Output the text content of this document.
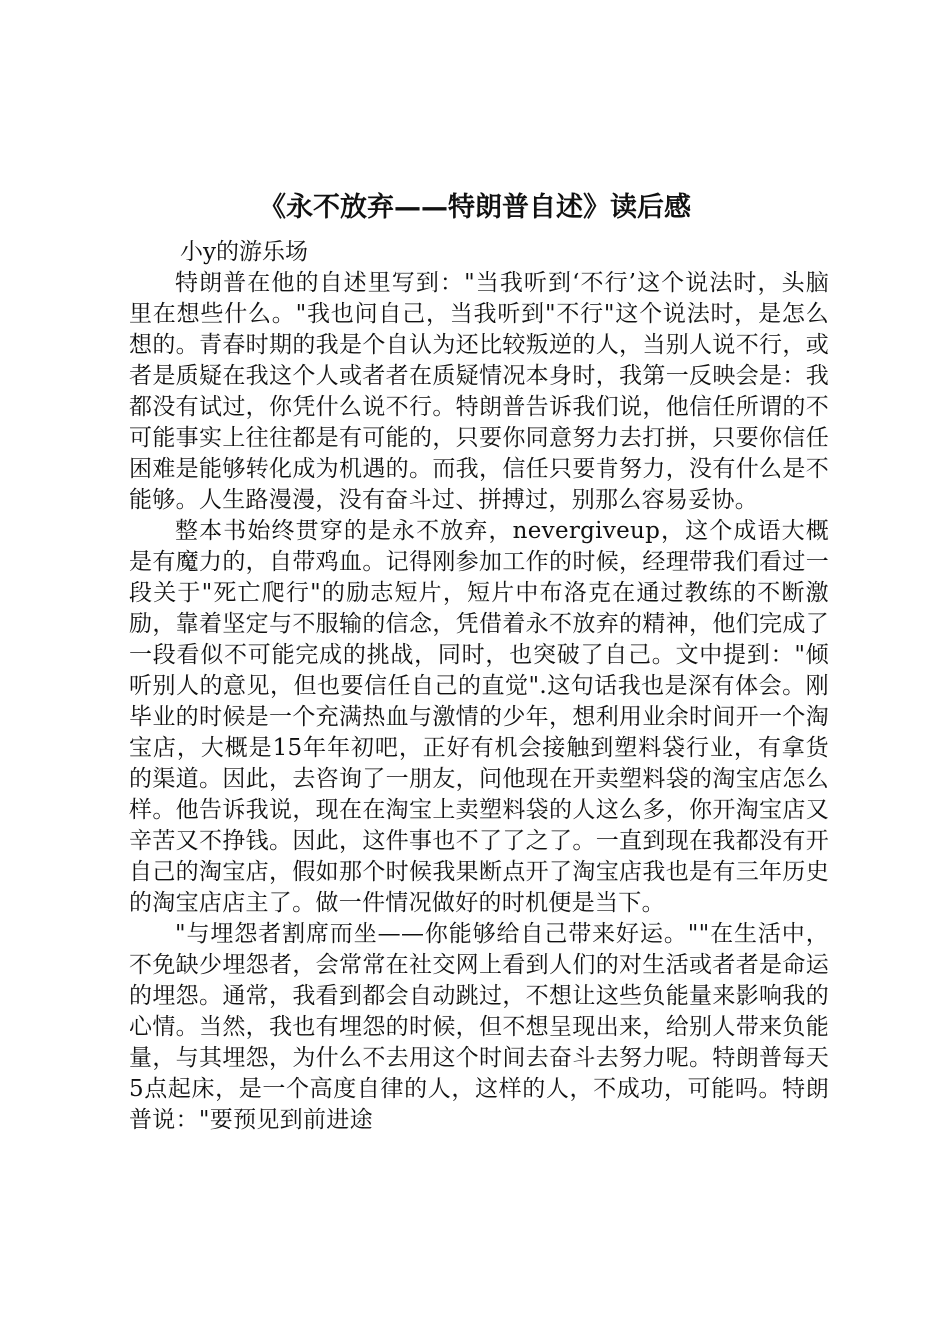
《永不放弃——特朗普自述》读后感

小y的游乐场

特朗普在他的自述里写到："当我听到‘不行’这个说法时，头脑里在想些什么。"我也问自己，当我听到"不行"这个说法时，是怎么想的。青春时期的我是个自认为还比较叛逆的人，当别人说不行，或者是质疑在我这个人或者者在质疑情况本身时，我第一反映会是：我都没有试过，你凭什么说不行。特朗普告诉我们说，他信任所谓的不可能事实上往往都是有可能的，只要你同意努力去打拼，只要你信任困难是能够转化成为机遇的。而我，信任只要肯努力，没有什么是不能够。人生路漫漫，没有奋斗过、拼搏过，别那么容易妥协。

整本书始终贯穿的是永不放弃，nevergiveup，这个成语大概是有魔力的，自带鸡血。记得刚参加工作的时候，经理带我们看过一段关于"死亡爬行"的励志短片，短片中布洛克在通过教练的不断激励，靠着坚定与不服输的信念，凭借着永不放弃的精神，他们完成了一段看似不可能完成的挑战，同时，也突破了自己。文中提到："倾听别人的意见，但也要信任自己的直觉".这句话我也是深有体会。刚毕业的时候是一个充满热血与激情的少年，想利用业余时间开一个淘宝店，大概是15年年初吧，正好有机会接触到塑料袋行业，有拿货的渠道。因此，去咨询了一朋友，问他现在开卖塑料袋的淘宝店怎么样。他告诉我说，现在在淘宝上卖塑料袋的人这么多，你开淘宝店又辛苦又不挣钱。因此，这件事也不了了之了。一直到现在我都没有开自己的淘宝店，假如那个时候我果断点开了淘宝店我也是有三年历史的淘宝店店主了。做一件情况做好的时机便是当下。

"与埋怨者割席而坐——你能够给自己带来好运。""在生活中，不免缺少埋怨者，会常常在社交网上看到人们的对生活或者者是命运的埋怨。通常，我看到都会自动跳过，不想让这些负能量来影响我的心情。当然，我也有埋怨的时候，但不想呈现出来，给别人带来负能量，与其埋怨，为什么不去用这个时间去奋斗去努力呢。特朗普每天5点起床，是一个高度自律的人，这样的人，不成功，可能吗。特朗普说："要预见到前进途
